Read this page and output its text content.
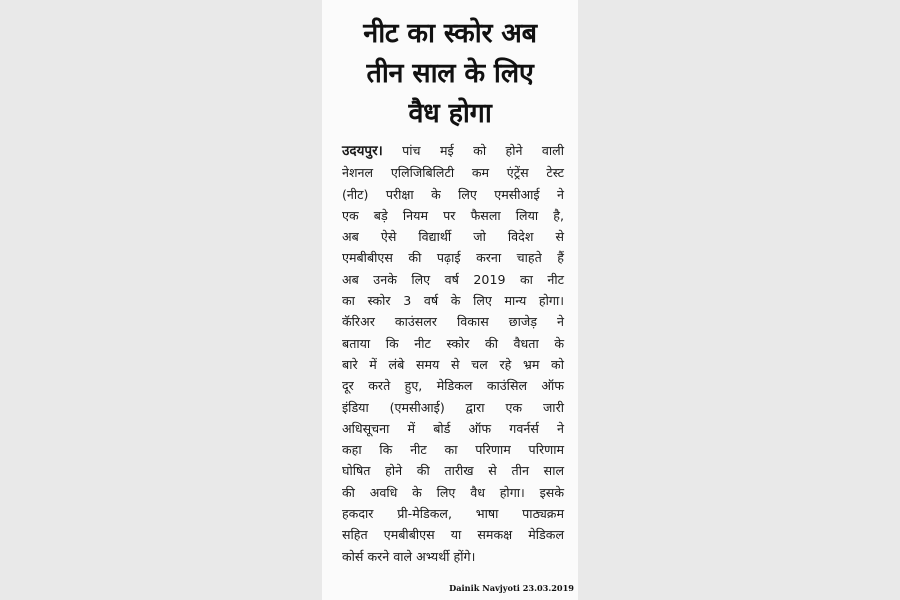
नीट का स्कोर अब
तीन साल के लिए
वैध होगा
उदयपुर। पांच मई को होने वाली
नेशनल एलिजिबिलिटी कम एंट्रेंस टेस्ट
(नीट) परीक्षा के लिए एमसीआई ने
एक बड़े नियम पर फैसला लिया है,
अब ऐसे विद्यार्थी जो विदेश से
एमबीबीएस की पढ़ाई करना चाहते हैं
अब उनके लिए वर्ष 2019 का नीट
का स्कोर 3 वर्ष के लिए मान्य होगा।
कॅरिअर काउंसलर विकास छाजेड़ ने
बताया कि नीट स्कोर की वैधता के
बारे में लंबे समय से चल रहे भ्रम को
दूर करते हुए, मेडिकल काउंसिल ऑफ
इंडिया (एमसीआई) द्वारा एक जारी
अधिसूचना में बोर्ड ऑफ गवर्नर्स ने
कहा कि नीट का परिणाम परिणाम
घोषित होने की तारीख से तीन साल
की अवधि के लिए वैध होगा। इसके
हकदार प्री-मेडिकल, भाषा पाठ्यक्रम
सहित एमबीबीएस या समकक्ष मेडिकल
कोर्स करने वाले अभ्यर्थी होंगे।
Dainik Navjyoti 23.03.2019
